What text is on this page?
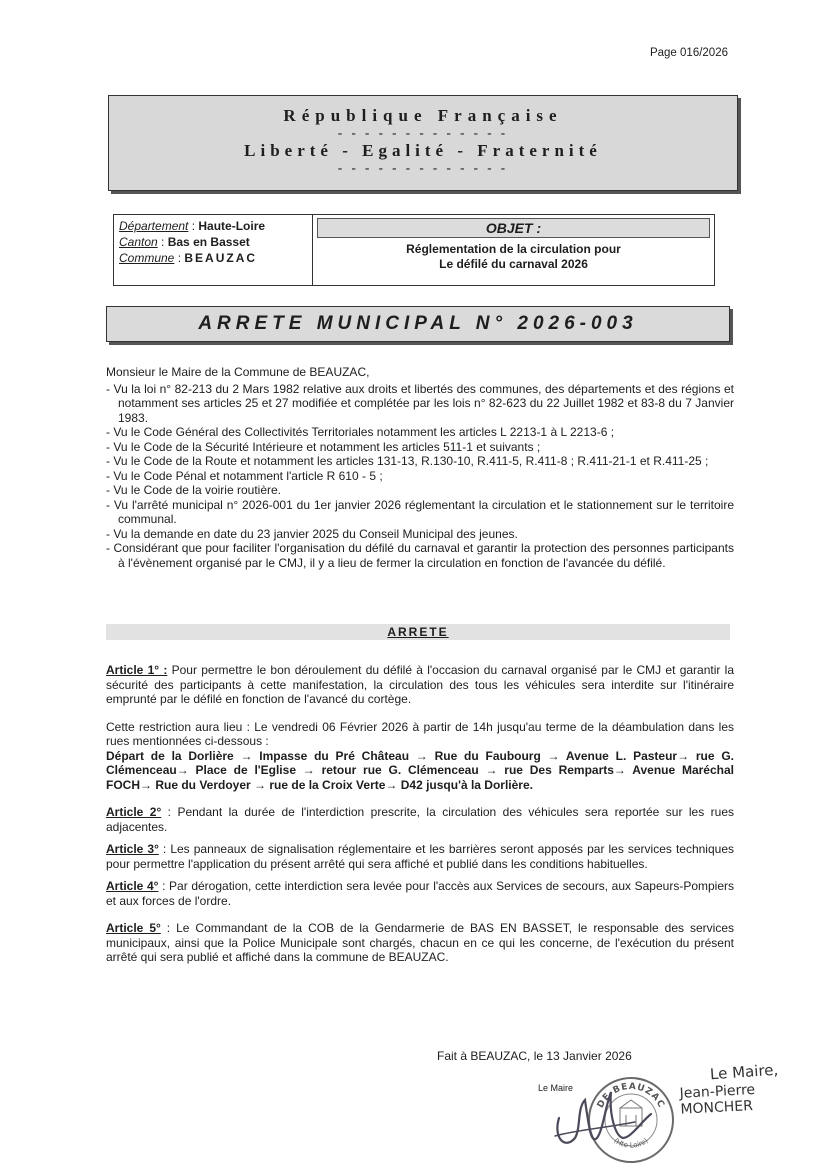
Page 016/2026
République Française
- - - - - - - - - - - - -
Liberté - Egalité - Fraternité
- - - - - - - - - - - - -
Département : Haute-Loire
Canton : Bas en Basset
Commune : BEAUZAC
OBJET :
Réglementation de la circulation pour
Le défilé du carnaval 2026
ARRETE MUNICIPAL N° 2026-003
Monsieur le Maire de la Commune de BEAUZAC,
- Vu la loi n° 82-213 du 2 Mars 1982 relative aux droits et libertés des communes, des départements et des régions et notamment ses articles 25 et 27 modifiée et complétée par les lois n° 82-623 du 22 Juillet 1982 et 83-8 du 7 Janvier 1983.
- Vu le Code Général des Collectivités Territoriales notamment les articles L 2213-1 à L 2213-6 ;
- Vu le Code de la Sécurité Intérieure et notamment les articles 511-1 et suivants ;
- Vu le Code de la Route et notamment les articles 131-13, R.130-10, R.411-5, R.411-8 ; R.411-21-1 et R.411-25 ;
- Vu le Code Pénal et notamment l'article R 610 - 5 ;
- Vu le Code de la voirie routière.
- Vu l'arrêté municipal n° 2026-001 du 1er janvier 2026 réglementant la circulation et le stationnement sur le territoire communal.
- Vu la demande en date du 23 janvier 2025 du Conseil Municipal des jeunes.
- Considérant que pour faciliter l'organisation du défilé du carnaval et garantir la protection des personnes participants à l'évènement organisé par le CMJ, il y a lieu de fermer la circulation en fonction de l'avancée du défilé.
ARRETE
Article 1° : Pour permettre le bon déroulement du défilé à l'occasion du carnaval organisé par le CMJ et garantir la sécurité des participants à cette manifestation, la circulation des tous les véhicules sera interdite sur l'itinéraire emprunté par le défilé en fonction de l'avancé du cortège.
Cette restriction aura lieu : Le vendredi 06 Février 2026 à partir de 14h jusqu'au terme de la déambulation dans les rues mentionnées ci-dessous :
Départ de la Dorlière → Impasse du Pré Château → Rue du Faubourg → Avenue L. Pasteur→ rue G. Clémenceau→ Place de l'Eglise → retour rue G. Clémenceau → rue Des Remparts→ Avenue Maréchal FOCH→ Rue du Verdoyer → rue de la Croix Verte→ D42 jusqu'à la Dorlière.
Article 2° : Pendant la durée de l'interdiction prescrite, la circulation des véhicules sera reportée sur les rues adjacentes.
Article 3° : Les panneaux de signalisation réglementaire et les barrières seront apposés par les services techniques pour permettre l'application du présent arrêté qui sera affiché et publié dans les conditions habituelles.
Article 4° : Par dérogation, cette interdiction sera levée pour l'accès aux Services de secours, aux Sapeurs-Pompiers et aux forces de l'ordre.
Article 5° : Le Commandant de la COB de la Gendarmerie de BAS EN BASSET, le responsable des services municipaux, ainsi que la Police Municipale sont chargés, chacun en ce qui les concerne, de l'exécution du présent arrêté qui sera publié et affiché dans la commune de BEAUZAC.
Fait à BEAUZAC, le 13 Janvier 2026
Le Maire
DE BEAUZAC
(Hte-Loire)
Le Maire,
Jean-Pierre MONCHER
